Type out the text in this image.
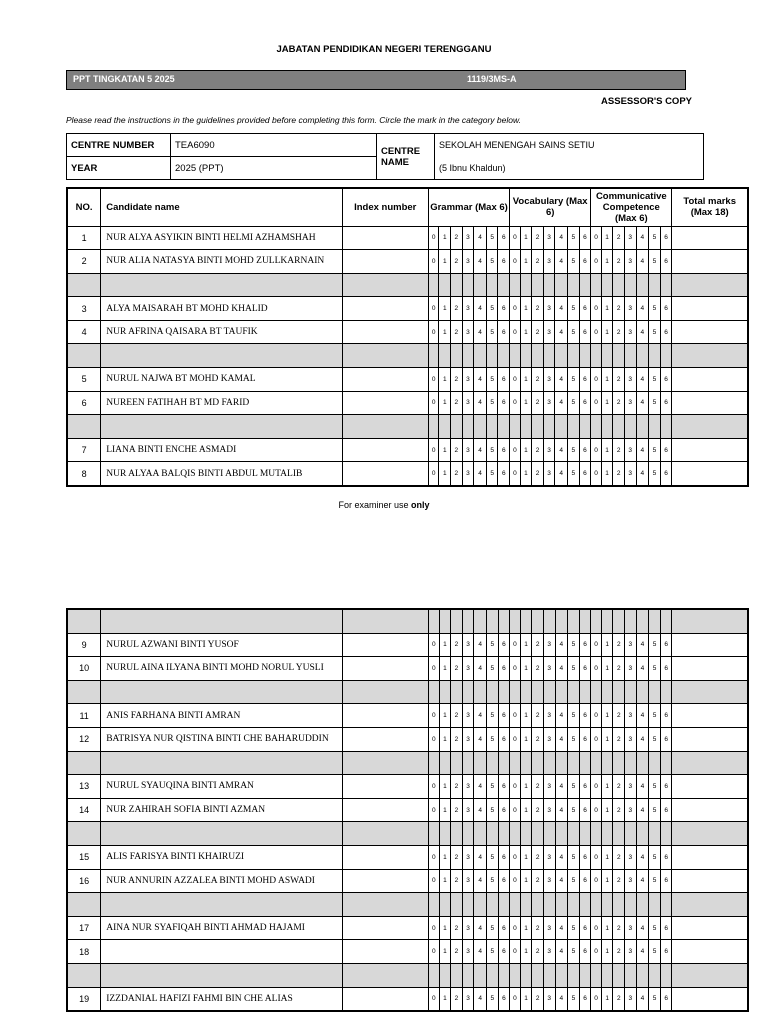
JABATAN PENDIDIKAN NEGERI TERENGGANU
PPT TINGKATAN 5 2025	1119/3MS-A
ASSESSOR'S COPY
Please read the instructions in the guidelines provided before completing this form. Circle the mark in the category below.
CENTRE NUMBER	TEA6090	CENTRE NAME	SEKOLAH MENENGAH SAINS SETIU
YEAR	2025 (PPT)		(5 Ibnu Khaldun)
NO.	Candidate name	Index number	Grammar (Max 6)							Vocabulary (Max 6)							Communicative Competence (Max 6)							Total marks (Max 18)
1	NUR ALYA ASYIKIN BINTI HELMI AZHAMSHAH		0	1	2	3	4	5	6	0	1	2	3	4	5	6	0	1	2	3	4	5	6	
2	NUR ALIA NATASYA BINTI MOHD ZULLKARNAIN		0	1	2	3	4	5	6	0	1	2	3	4	5	6	0	1	2	3	4	5	6	

3	ALYA MAISARAH BT MOHD KHALID		0	1	2	3	4	5	6	0	1	2	3	4	5	6	0	1	2	3	4	5	6	
4	NUR AFRINA QAISARA BT TAUFIK		0	1	2	3	4	5	6	0	1	2	3	4	5	6	0	1	2	3	4	5	6	

5	NURUL NAJWA BT MOHD KAMAL		0	1	2	3	4	5	6	0	1	2	3	4	5	6	0	1	2	3	4	5	6	
6	NUREEN FATIHAH BT MD FARID		0	1	2	3	4	5	6	0	1	2	3	4	5	6	0	1	2	3	4	5	6	

7	LIANA BINTI ENCHE ASMADI		0	1	2	3	4	5	6	0	1	2	3	4	5	6	0	1	2	3	4	5	6	
8	NUR ALYAA BALQIS BINTI ABDUL MUTALIB		0	1	2	3	4	5	6	0	1	2	3	4	5	6	0	1	2	3	4	5	6	
For examiner use only

9	NURUL AZWANI BINTI YUSOF		0	1	2	3	4	5	6	0	1	2	3	4	5	6	0	1	2	3	4	5	6	
10	NURUL AINA ILYANA BINTI MOHD NORUL YUSLI		0	1	2	3	4	5	6	0	1	2	3	4	5	6	0	1	2	3	4	5	6	

11	ANIS FARHANA BINTI AMRAN		0	1	2	3	4	5	6	0	1	2	3	4	5	6	0	1	2	3	4	5	6	
12	BATRISYA NUR QISTINA BINTI CHE BAHARUDDIN		0	1	2	3	4	5	6	0	1	2	3	4	5	6	0	1	2	3	4	5	6	

13	NURUL SYAUQINA BINTI AMRAN		0	1	2	3	4	5	6	0	1	2	3	4	5	6	0	1	2	3	4	5	6	
14	NUR ZAHIRAH SOFIA BINTI AZMAN		0	1	2	3	4	5	6	0	1	2	3	4	5	6	0	1	2	3	4	5	6	

15	ALIS FARISYA BINTI KHAIRUZI		0	1	2	3	4	5	6	0	1	2	3	4	5	6	0	1	2	3	4	5	6	
16	NUR ANNURIN AZZALEA BINTI MOHD ASWADI		0	1	2	3	4	5	6	0	1	2	3	4	5	6	0	1	2	3	4	5	6	

17	AINA NUR SYAFIQAH BINTI AHMAD HAJAMI		0	1	2	3	4	5	6	0	1	2	3	4	5	6	0	1	2	3	4	5	6	
18			0	1	2	3	4	5	6	0	1	2	3	4	5	6	0	1	2	3	4	5	6	

19	IZZDANIAL HAFIZI FAHMI BIN CHE ALIAS		0	1	2	3	4	5	6	0	1	2	3	4	5	6	0	1	2	3	4	5	6	
